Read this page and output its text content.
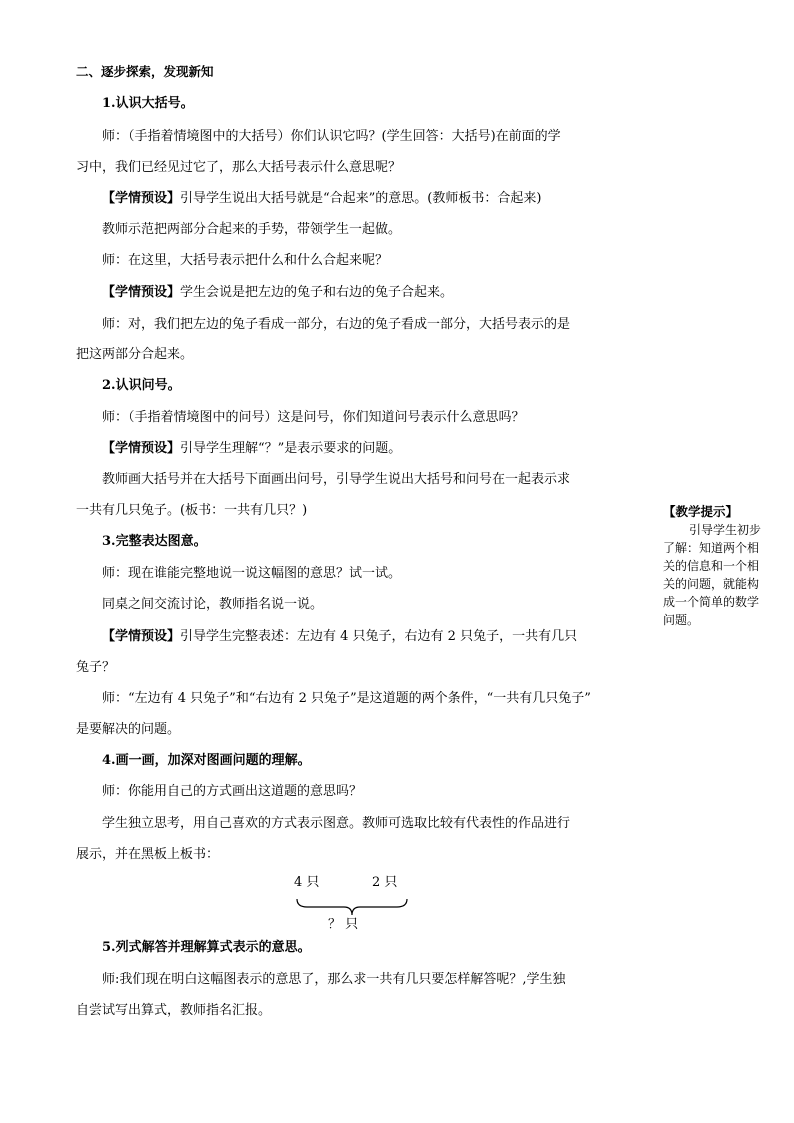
二、逐步探索，发现新知
1.认识大括号。
师：（手指着情境图中的大括号）你们认识它吗？(学生回答：大括号)在前面的学
习中，我们已经见过它了，那么大括号表示什么意思呢？
【学情预设】引导学生说出大括号就是“合起来”的意思。(教师板书：合起来)
教师示范把两部分合起来的手势，带领学生一起做。
师：在这里，大括号表示把什么和什么合起来呢？
【学情预设】学生会说是把左边的兔子和右边的兔子合起来。
师：对，我们把左边的兔子看成一部分，右边的兔子看成一部分，大括号表示的是
把这两部分合起来。
2.认识问号。
师：（手指着情境图中的问号）这是问号，你们知道问号表示什么意思吗？
【学情预设】引导学生理解“？”是表示要求的问题。
教师画大括号并在大括号下面画出问号，引导学生说出大括号和问号在一起表示求
一共有几只兔子。(板书：一共有几只？)
3.完整表达图意。
师：现在谁能完整地说一说这幅图的意思？试一试。
同桌之间交流讨论，教师指名说一说。
【学情预设】引导学生完整表述：左边有 4 只兔子，右边有 2 只兔子，一共有几只
兔子？
师：“左边有 4 只兔子”和“右边有 2 只兔子”是这道题的两个条件，“一共有几只兔子”
是要解决的问题。
4.画一画，加深对图画问题的理解。
师：你能用自己的方式画出这道题的意思吗？
学生独立思考，用自己喜欢的方式表示图意。教师可选取比较有代表性的作品进行
展示，并在黑板上板书：
5.列式解答并理解算式表示的意思。
师:我们现在明白这幅图表示的意思了，那么求一共有几只要怎样解答呢？,学生独
自尝试写出算式，教师指名汇报。
4 只	2 只
？ 只
【教学提示】
引导学生初步
了解：知道两个相
关的信息和一个相
关的问题，就能构
成一个简单的数学
问题。
